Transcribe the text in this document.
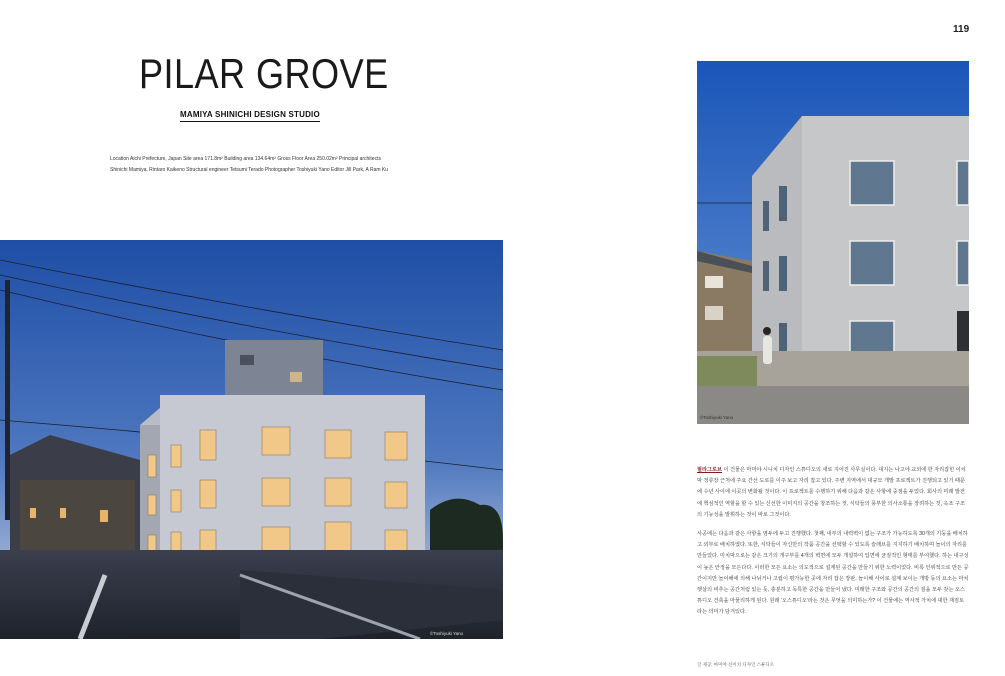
119
PILAR GROVE
MAMIYA SHINICHI DESIGN STUDIO
Location Aichi Prefecture, Japan Site area 171.8m² Building area 134.64m² Gross Floor Area 250.02m² Principal architects
Shinichi Mamiya, Rintaro Kaikeno Structural engineer Tetsumi Terado Photographer Toshiyuki Yano Editor Jill Park, A Ram Ku
©Toshiyuki Yano
©Toshiyuki Yano

필라그로브 이 건물은 마미야 시니치 디자인 스튜디오의 새로 지어진 사무실이다. 대지는 나고야 교외에 한 자리잡힌 이치막 정류장 근처에 주요 간선 도로를 이주 보고 자리 잡고 있다. 주변 지역에서 대규모 개발 프로젝트가 진행되고 있기 때문에 수년 사이에 이곳의 변화될 것이다. 이 프로젝트를 수행하기 위해 다음과 같은 사항에 중점을 두었다. 회사의 미래 발전에 핵심적인 역할을 할 수 있는 신선한 이미지의 공간을 창조하는 것, 식탁들의 풍부한 의사소통을 장려하는 것, 옥조 구조의 기능성을 발휘하는 것이 바로 그것이다.

사공에는 다음과 같은 사항을 염두에 두고 진행했다. 첫째, 내부의 내력벽이 없는 구조가 가능하도록 30개의 기둥을 배치하고 외부로 배치하였다. 또한, 식탁들이 자신만의 작품 공간을 선택할 수 있도록 슬래브를 지지하기 배치하며 놀이의 자리를 만들었다. 미치막으로는 같은 크기의 개구부를 4개의 벽면에 모두 개설하여 입면에 균질적인 형태를 부여했다. 하는 내구성이 높은 안정을 모든다다. 이러한 모든 요소는 의도적으로 설계된 공간을 만들기 위한 노력이었다. 비록 인위적으로 만든 공간이지만 놀이해에 의해 나뉘거나 고립이 평가능한 곳에 자리 잡은 장판, 놀이해 사이로 설계 보이는 개방 동의 요소는 마치 햇살의 비추는 공간처럼 있는 듯, 충분하고 독특한 공간을 만들어 냈다. 미래한 구조와 공간의 공간의 질을 모두 갖는 오스튜디오 건축을 마물리하게 된다. 원래 '오스튜디오'라는 것은 무엇을 의미하는가? 이 건물에는 역사적 가치에 대한 재검토라는 의미가 담겨있다.

글 제공: 마미야 신이치 디자인 스튜디오
